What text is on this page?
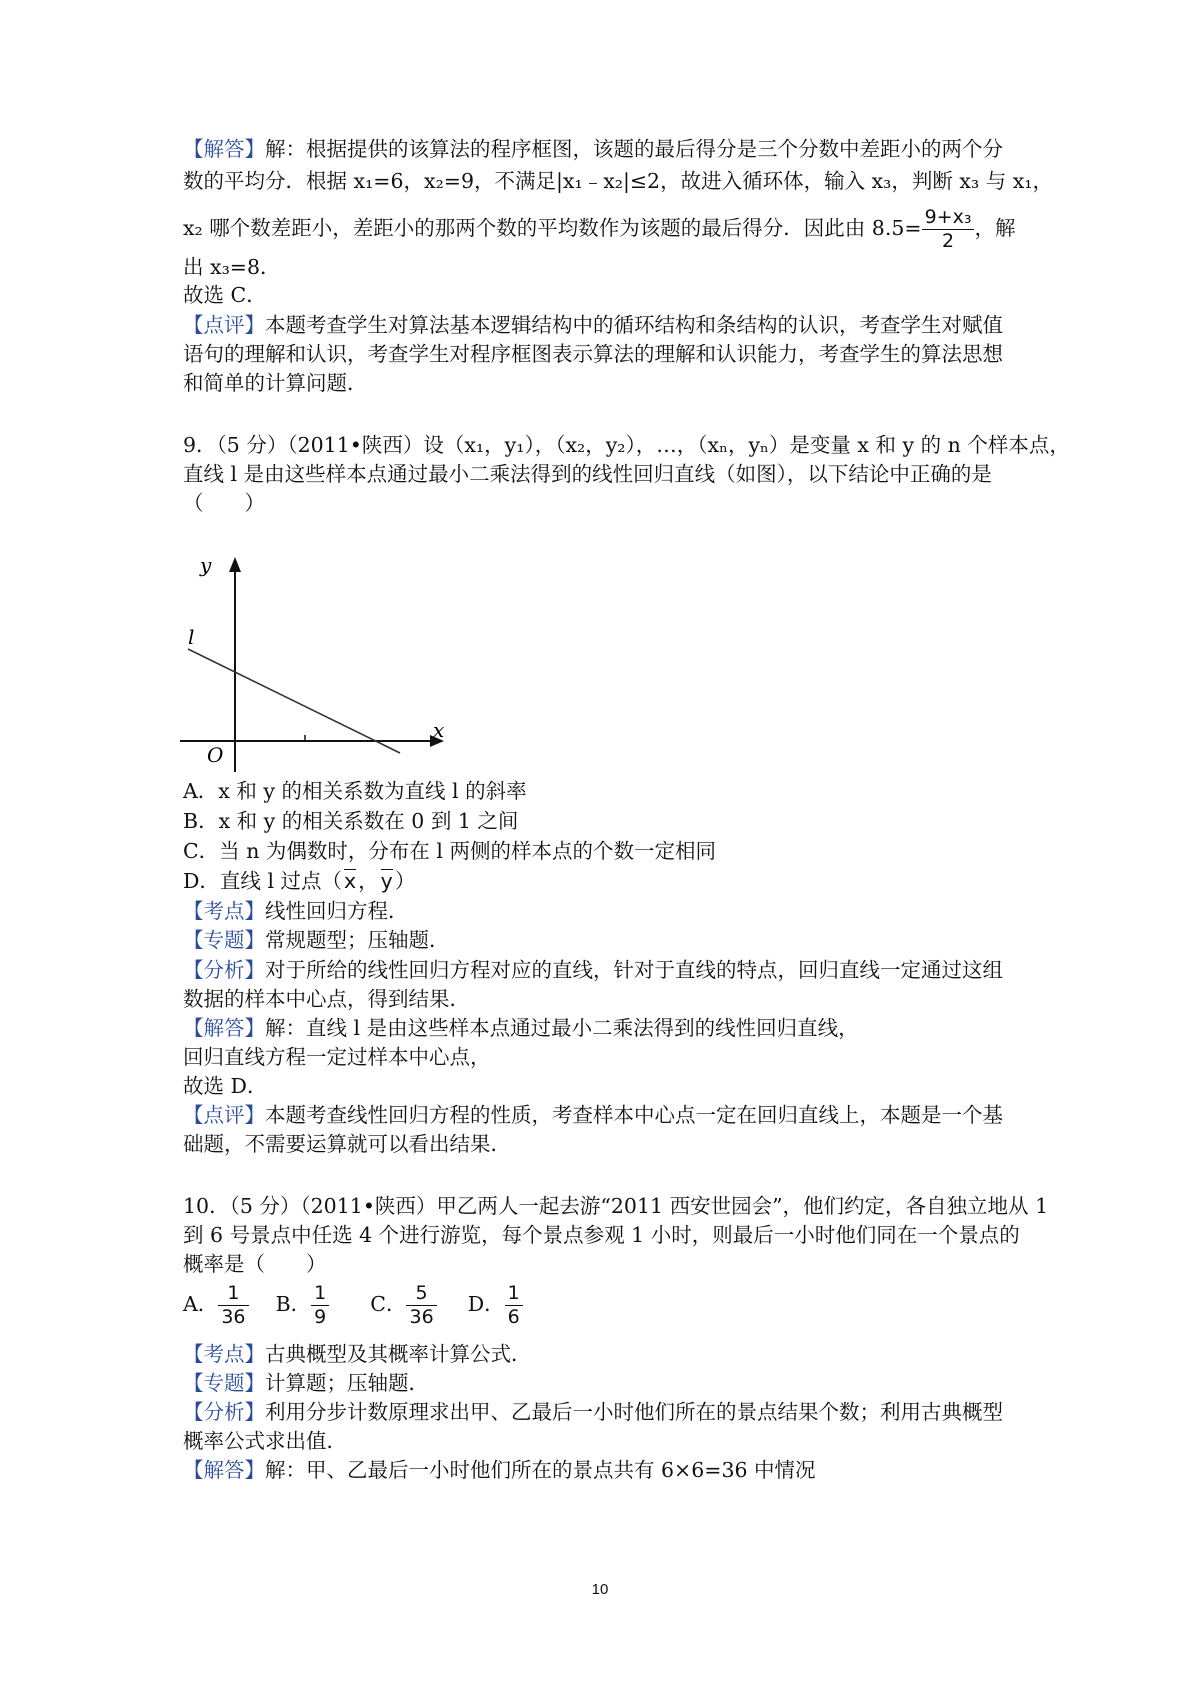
【解答】解：根据提供的该算法的程序框图，该题的最后得分是三个分数中差距小的两个分
数的平均分．根据 x₁=6，x₂=9，不满足|x₁﹣x₂|≤2，故进入循环体，输入 x₃，判断 x₃ 与 x₁，
x₂ 哪个数差距小，差距小的那两个数的平均数作为该题的最后得分．因此由 $8.5= \frac{\text{9+x₃}}{2}$ ，解
出 x₃=8．
故选 C．
【点评】本题考查学生对算法基本逻辑结构中的循环结构和条结构的认识，考查学生对赋值
语句的理解和认识，考查学生对程序框图表示算法的理解和认识能力，考查学生的算法思想
和简单的计算问题．
9．（5 分）（2011•陕西）设（x₁，y₁），（x₂，y₂），…，（xₙ，yₙ）是变量 x 和 y 的 n 个样本点，
直线 l 是由这些样本点通过最小二乘法得到的线性回归直线（如图），以下结论中正确的是
（　　）
y
x
O
l
A．x 和 y 的相关系数为直线 l 的斜率
B．x 和 y 的相关系数在 0 到 1 之间
C．当 n 为偶数时，分布在 l 两侧的样本点的个数一定相同
D．直线 l 过点（x，y）
【考点】线性回归方程．
【专题】常规题型；压轴题．
【分析】对于所给的线性回归方程对应的直线，针对于直线的特点，回归直线一定通过这组
数据的样本中心点，得到结果．
【解答】解：直线 l 是由这些样本点通过最小二乘法得到的线性回归直线，
回归直线方程一定过样本中心点，
故选 D．
【点评】本题考查线性回归方程的性质，考查样本中心点一定在回归直线上，本题是一个基
础题，不需要运算就可以看出结果．
10．（5 分）（2011•陕西）甲乙两人一起去游“2011 西安世园会”，他们约定，各自独立地从 1
到 6 号景点中任选 4 个进行游览，每个景点参观 1 小时，则最后一小时他们同在一个景点的
概率是（　　）
A． $\frac{1}{36}$ B． $\frac{1}{9}$ C． $\frac{5}{36}$ D． $\frac{1}{6}$
【考点】古典概型及其概率计算公式．
【专题】计算题；压轴题．
【分析】利用分步计数原理求出甲、乙最后一小时他们所在的景点结果个数；利用古典概型
概率公式求出值．
【解答】解：甲、乙最后一小时他们所在的景点共有 6×6=36 中情况
10
